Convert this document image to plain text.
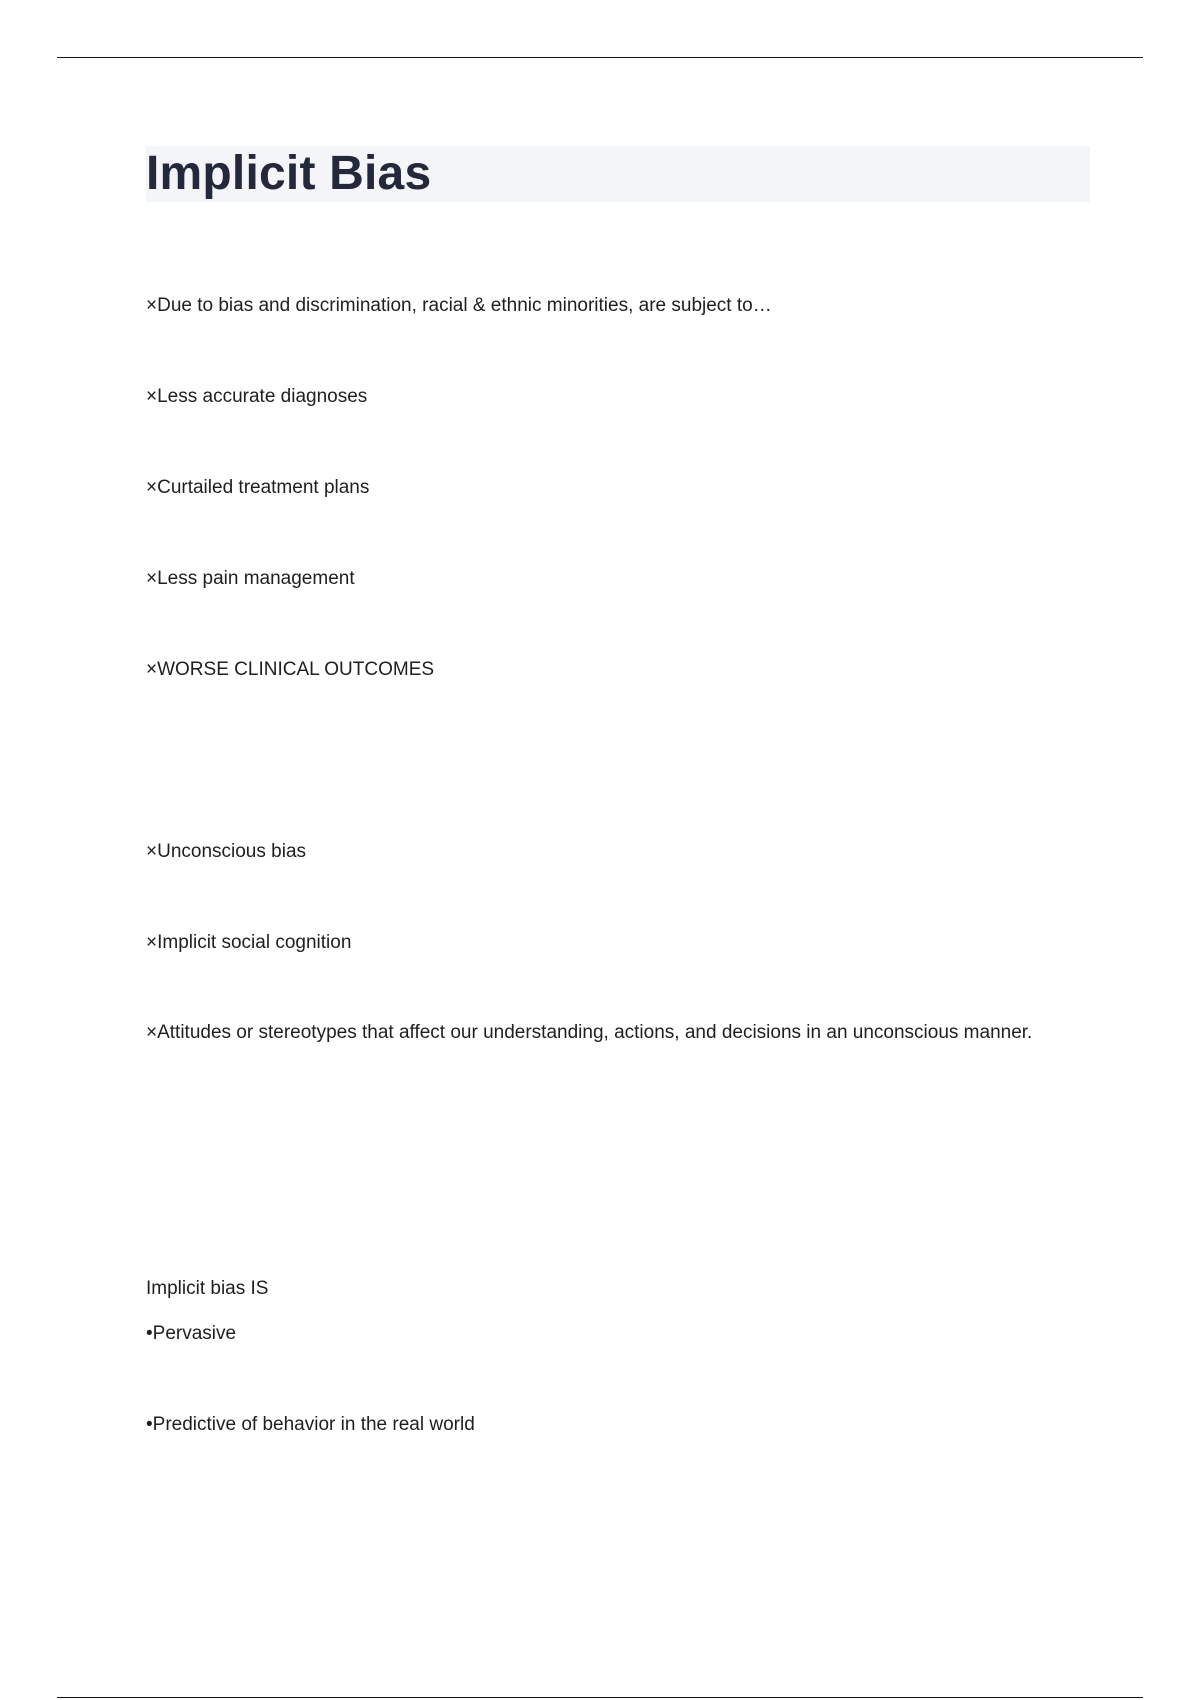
Implicit Bias

×Due to bias and discrimination, racial & ethnic minorities, are subject to…

×Less accurate diagnoses

×Curtailed treatment plans

×Less pain management

×WORSE CLINICAL OUTCOMES

×Unconscious bias

×Implicit social cognition

×Attitudes or stereotypes that affect our understanding, actions, and decisions in an unconscious manner.

Implicit bias IS

•Pervasive

•Predictive of behavior in the real world
